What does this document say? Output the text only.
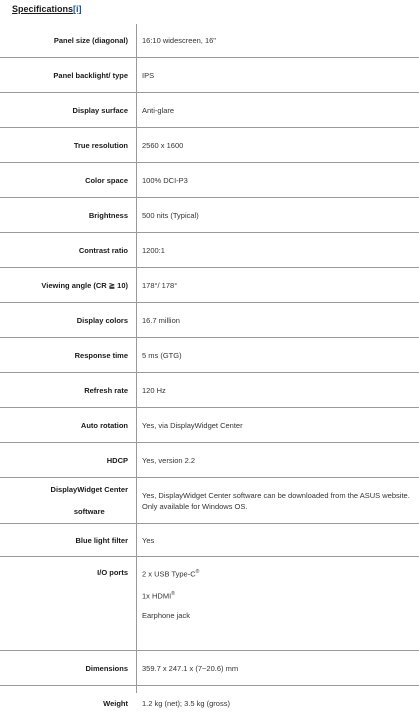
Specifications[i]
Panel size (diagonal) 16:10 widescreen, 16"
Panel backlight/ type IPS
Display surface Anti-glare
True resolution 2560 x 1600
Color space 100% DCI-P3
Brightness 500 nits (Typical)
Contrast ratio 1200:1
Viewing angle (CR ≧ 10) 178°/ 178°
Display colors 16.7 million
Response time 5 ms (GTG)
Refresh rate 120 Hz
Auto rotation Yes, via DisplayWidget Center
HDCP Yes, version 2.2
DisplayWidget Center

software
Yes, DisplayWidget Center software can be downloaded from the ASUS website. Only available for Windows OS.
Blue light filter Yes
I/O ports 2 x USB Type-C®
1x HDMI®
Earphone jack
Dimensions 359.7 x 247.1 x (7~20.6) mm
Weight 1.2 kg (net); 3.5 kg (gross)
